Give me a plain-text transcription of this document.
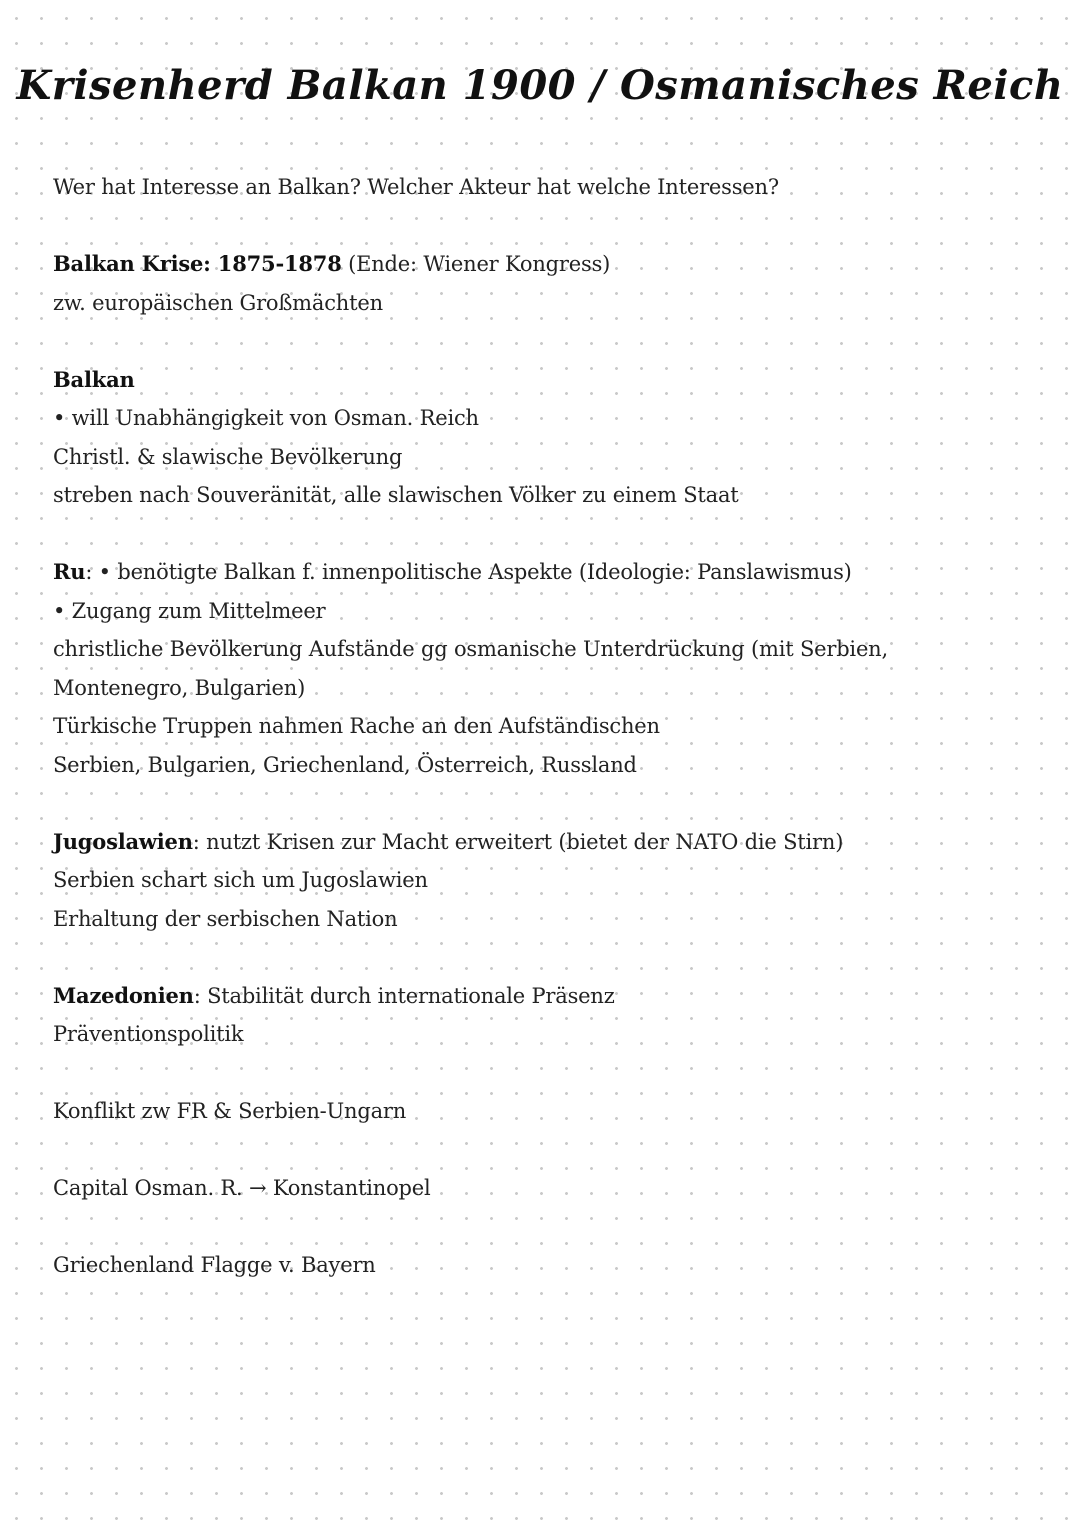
Krisenherd Balkan 1900 / Osmanisches Reich
Wer hat Interesse an Balkan? Welcher Akteur hat welche Interessen?
Balkan Krise: 1875-1878 (Ende: Wiener Kongress)
zw. europäischen Großmächten
Balkan
• will Unabhängigkeit von Osman. Reich
Christl. & slawische Bevölkerung
streben nach Souveränität, alle slawischen Völker zu einem Staat
Ru: • benötigte Balkan f. innenpolitische Aspekte (Ideologie: Panslawismus)
• Zugang zum Mittelmeer
christliche Bevölkerung Aufstände gg osmanische Unterdrückung (mit Serbien,
Montenegro, Bulgarien)
Türkische Truppen nahmen Rache an den Aufständischen
Serbien, Bulgarien, Griechenland, Österreich, Russland
Jugoslawien: nutzt Krisen zur Macht erweitert (bietet der NATO die Stirn)
Serbien schart sich um Jugoslawien
Erhaltung der serbischen Nation
Mazedonien: Stabilität durch internationale Präsenz
Präventionspolitik
Konflikt zw FR & Serbien-Ungarn
Capital Osman. R. → Konstantinopel
Griechenland Flagge v. Bayern
